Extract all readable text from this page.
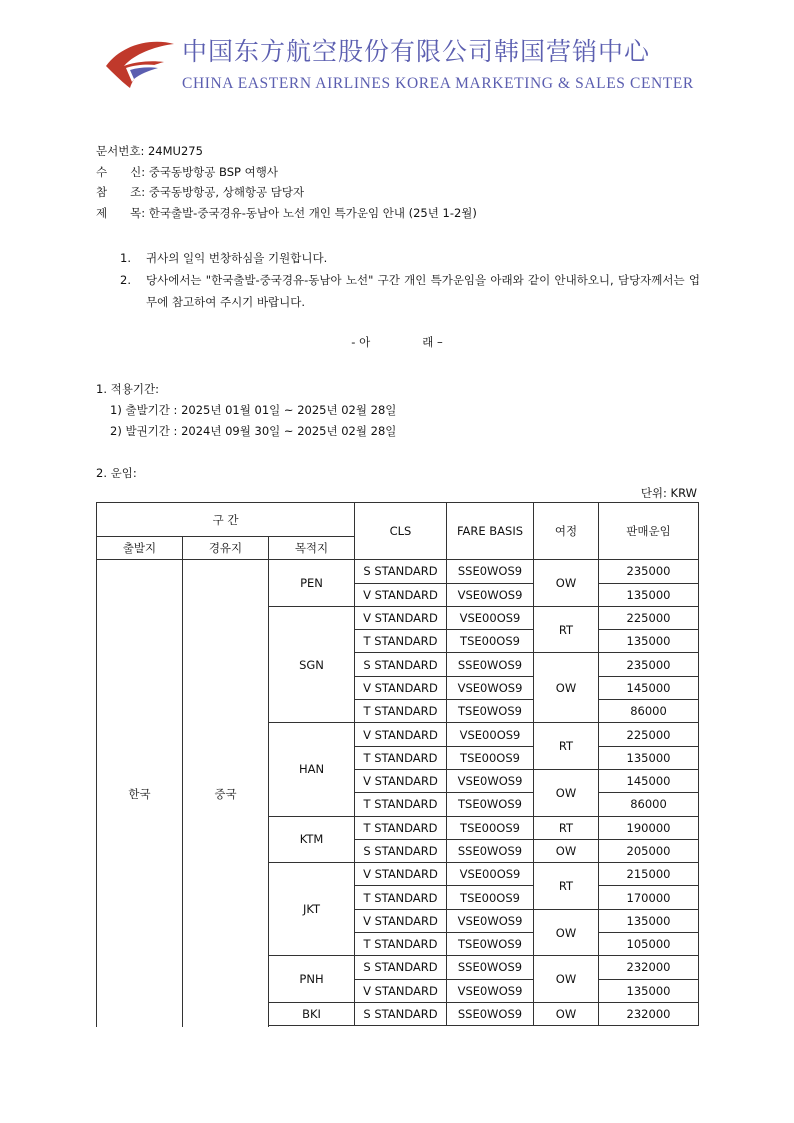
中国东方航空股份有限公司韩国营销中心
CHINA EASTERN AIRLINES KOREA MARKETING & SALES CENTER
문서번호: 24MU275
수　　신: 중국동방항공 BSP 여행사
참　　조: 중국동방항공, 상해항공 담당자
제　　목: 한국출발-중국경유-동남아 노선 개인 특가운임 안내 (25년 1-2월)
1.	귀사의 일익 번창하심을 기원합니다.
2.	당사에서는 "한국출발-중국경유-동남아 노선" 구간 개인 특가운임을 아래와 같이 안내하오니, 담당자께서는 업무에 참고하여 주시기 바랍니다.
- 아	래 –
1. 적용기간:
1) 출발기간 : 2025년 01월 01일 ~ 2025년 02월 28일
2) 발권기간 : 2024년 09월 30일 ~ 2025년 02월 28일
2. 운임:
단위: KRW
구 간			CLS	FARE BASIS	여정	판매운임
출발지	경유지	목적지				
한국	중국	PEN	S STANDARD	SSE0WOS9	OW	235000
			V STANDARD	VSE0WOS9		135000
		SGN	V STANDARD	VSE00OS9	RT	225000
			T STANDARD	TSE00OS9		135000
			S STANDARD	SSE0WOS9	OW	235000
			V STANDARD	VSE0WOS9		145000
			T STANDARD	TSE0WOS9		86000
		HAN	V STANDARD	VSE00OS9	RT	225000
			T STANDARD	TSE00OS9		135000
			V STANDARD	VSE0WOS9	OW	145000
			T STANDARD	TSE0WOS9		86000
		KTM	T STANDARD	TSE00OS9	RT	190000
			S STANDARD	SSE0WOS9	OW	205000
		JKT	V STANDARD	VSE00OS9	RT	215000
			T STANDARD	TSE00OS9		170000
			V STANDARD	VSE0WOS9	OW	135000
			T STANDARD	TSE0WOS9		105000
		PNH	S STANDARD	SSE0WOS9	OW	232000
			V STANDARD	VSE0WOS9		135000
		BKI	S STANDARD	SSE0WOS9	OW	232000
